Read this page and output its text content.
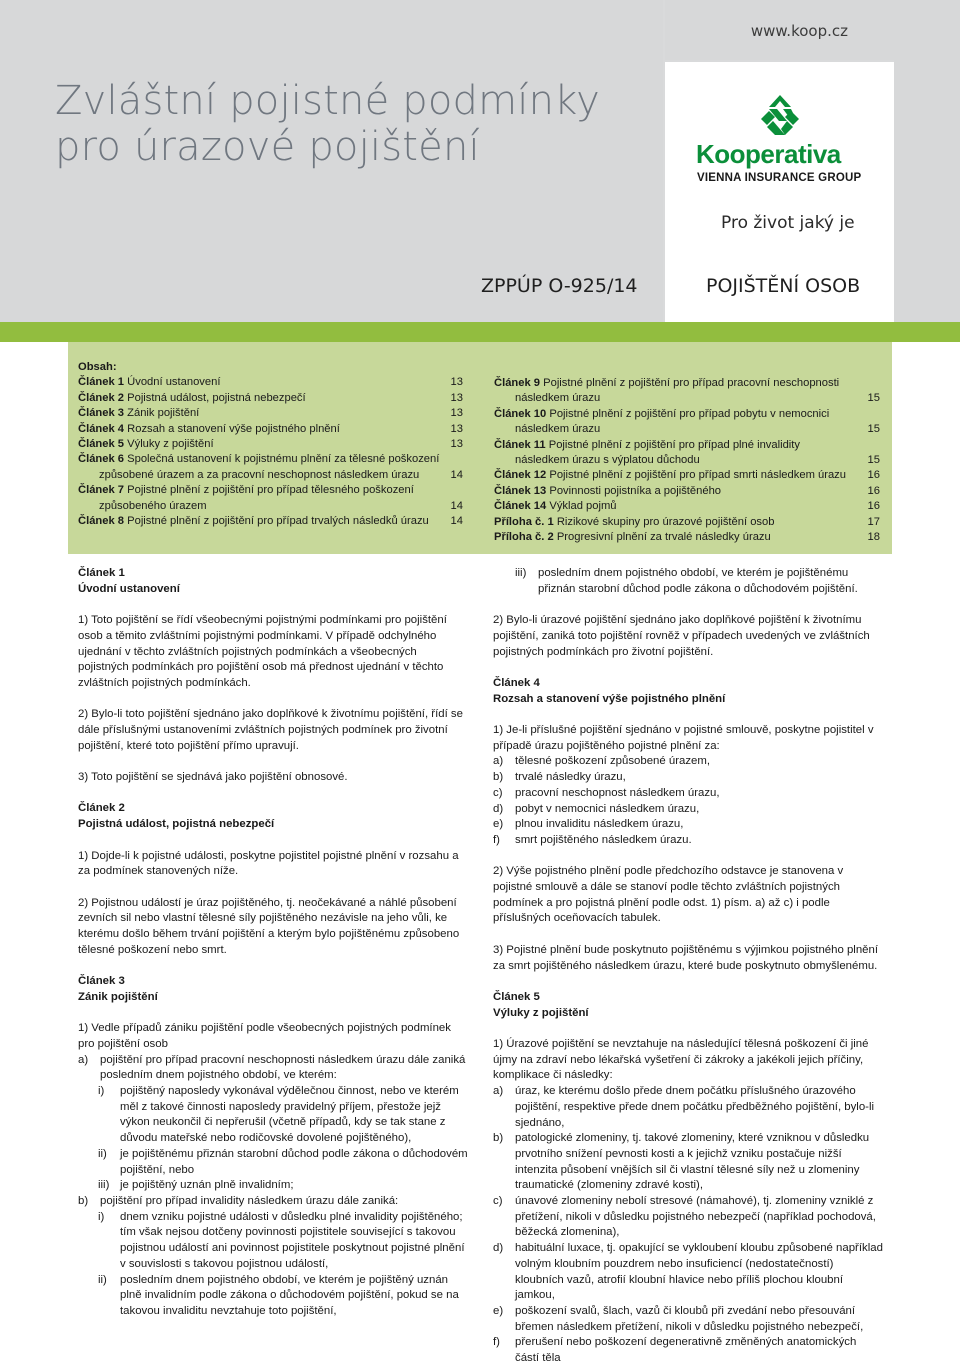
www.koop.cz
Zvláštní pojistné podmínky
pro úrazové pojištění	Kooperativa
VIENNA INSURANCE GROUP
Pro život jaký je
ZPPÚP O-925/14	POJIŠTĚNÍ OSOB
Obsah:
Článek 1 Úvodní ustanovení	13
Článek 2 Pojistná událost, pojistná nebezpečí	13
Článek 3 Zánik pojištění	13
Článek 4 Rozsah a stanovení výše pojistného plnění	13
Článek 5 Výluky z pojištění	13
Článek 6 Společná ustanovení k pojistnému plnění za tělesné poškození
způsobené úrazem a za pracovní neschopnost následkem úrazu	14
Článek 7 Pojistné plnění z pojištění pro případ tělesného poškození
způsobeného úrazem	14
Článek 8 Pojistné plnění z pojištění pro případ trvalých následků úrazu	14
Článek 9 Pojistné plnění z pojištění pro případ pracovní neschopnosti
následkem úrazu	15
Článek 10 Pojistné plnění z pojištění pro případ pobytu v nemocnici
následkem úrazu	15
Článek 11 Pojistné plnění z pojištění pro případ plné invalidity
následkem úrazu s výplatou důchodu	15
Článek 12 Pojistné plnění z pojištění pro případ smrti následkem úrazu	16
Článek 13 Povinnosti pojistníka a pojištěného	16
Článek 14 Výklad pojmů	16
Příloha č. 1 Rizikové skupiny pro úrazové pojištění osob	17
Příloha č. 2 Progresivní plnění za trvalé následky úrazu	18

Článek 1

Úvodní ustanovení

1) Toto pojištění se řídí všeobecnými pojistnými podmínkami pro pojištění osob a těmito zvláštními pojistnými podmínkami. V případě odchylného ujednání v těchto zvláštních pojistných podmínkách a všeobecných pojistných podmínkách pro pojištění osob má přednost ujednání v těchto zvláštních pojistných podmínkách.

2) Bylo-li toto pojištění sjednáno jako doplňkové k životnímu pojištění, řídí se dále příslušnými ustanoveními zvláštních pojistných podmínek pro životní pojištění, které toto pojištění přímo upravují.

3) Toto pojištění se sjednává jako pojištění obnosové.

Článek 2

Pojistná událost, pojistná nebezpečí

1) Dojde-li k pojistné události, poskytne pojistitel pojistné plnění v rozsahu a za podmínek stanovených níže.

2) Pojistnou událostí je úraz pojištěného, tj. neočekávané a náhlé působení zevních sil nebo vlastní tělesné síly pojištěného nezávisle na jeho vůli, ke kterému došlo během trvání pojištění a kterým bylo pojištěnému způsobeno tělesné poškození nebo smrt.

Článek 3

Zánik pojištění

1) Vedle případů zániku pojištění podle všeobecných pojistných podmínek pro pojištění osob

a) pojištění pro případ pracovní neschopnosti následkem úrazu dále zaniká posledním dnem pojistného období, ve kterém:
i) pojištěný naposledy vykonával výdělečnou činnost, nebo ve kterém měl z takové činnosti naposledy pravidelný příjem, přestože jejž výkon neukončil či nepřerušil (včetně případů, kdy se tak stane z důvodu mateřské nebo rodičovské dovolené pojištěného),
ii) je pojištěnému přiznán starobní důchod podle zákona o důchodovém pojištění, nebo
iii) je pojištěný uznán plně invalidním;
b) pojištění pro případ invalidity následkem úrazu dále zaniká:
i) dnem vzniku pojistné události v důsledku plné invalidity pojištěného; tím však nejsou dotčeny povinnosti pojistitele související s takovou pojistnou událostí ani povinnost pojistitele poskytnout pojistné plnění v souvislosti s takovou pojistnou událostí,
ii) posledním dnem pojistného období, ve kterém je pojištěný uznán plně invalidním podle zákona o důchodovém pojištění, pokud se na takovou invaliditu nevztahuje toto pojištění,
iii) posledním dnem pojistného období, ve kterém je pojištěnému přiznán starobní důchod podle zákona o důchodovém pojištění.

2) Bylo-li úrazové pojištění sjednáno jako doplňkové pojištění k životnímu pojištění, zaniká toto pojištění rovněž v případech uvedených ve zvláštních pojistných podmínkách pro životní pojištění.

Článek 4

Rozsah a stanovení výše pojistného plnění

1) Je-li příslušné pojištění sjednáno v pojistné smlouvě, poskytne pojistitel v případě úrazu pojištěného pojistné plnění za:

a) tělesné poškození způsobené úrazem,
b) trvalé následky úrazu,
c) pracovní neschopnost následkem úrazu,
d) pobyt v nemocnici následkem úrazu,
e) plnou invaliditu následkem úrazu,
f) smrt pojištěného následkem úrazu.

2) Výše pojistného plnění podle předchozího odstavce je stanovena v pojistné smlouvě a dále se stanoví podle těchto zvláštních pojistných podmínek a pro pojistná plnění podle odst. 1) písm. a) až c) i podle příslušných oceňovacích tabulek.

3) Pojistné plnění bude poskytnuto pojištěnému s výjimkou pojistného plnění za smrt pojištěného následkem úrazu, které bude poskytnuto obmyšlenému.

Článek 5

Výluky z pojištění

1) Úrazové pojištění se nevztahuje na následující tělesná poškození či jiné újmy na zdraví nebo lékařská vyšetření či zákroky a jakékoli jejich příčiny, komplikace či následky:

a) úraz, ke kterému došlo přede dnem počátku příslušného úrazového pojištění, respektive přede dnem počátku předběžného pojištění, bylo-li sjednáno,
b) patologické zlomeniny, tj. takové zlomeniny, které vzniknou v důsledku prvotního snížení pevnosti kosti a k jejichž vzniku postačuje nižší intenzita působení vnějších sil či vlastní tělesné síly než u zlomeniny traumatické (zlomeniny zdravé kosti),
c) únavové zlomeniny nebolí stresové (námahové), tj. zlomeniny vzniklé z přetížení, nikoli v důsledku pojistného nebezpečí (například pochodová, běžecká zlomenina),
d) habituální luxace, tj. opakující se vykloubení kloubu způsobené například volným kloubním pouzdrem nebo insuficiencí (nedostatečností) kloubních vazů, atrofií kloubní hlavice nebo příliš plochou kloubní jamkou,
e) poškození svalů, šlach, vazů či kloubů při zvedání nebo přesouvání břemen následkem přetížení, nikoli v důsledku pojistného nebezpečí,
f) přerušení nebo poškození degenerativně změněných anatomických částí těla
